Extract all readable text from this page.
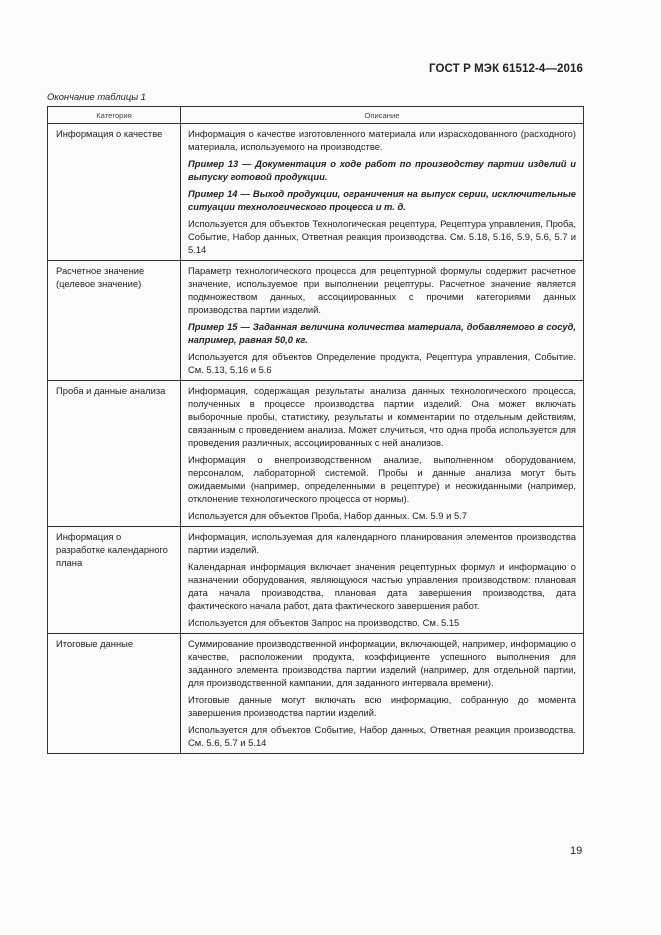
ГОСТ Р МЭК 61512-4—2016
Окончание таблицы 1
Категория	Описание
Информация о качестве	Информация о качестве изготовленного материала или израсходованного (расходного) материала, используемого на производстве.

Пример 13 — Документация о ходе работ по производству партии изделий и выпуску готовой продукции.

Пример 14 — Выход продукции, ограничения на выпуск серии, исключительные ситуации технологического процесса и т. д.

Используется для объектов Технологическая рецептура, Рецептура управления, Проба, Событие, Набор данных, Ответная реакция производства. См. 5.18, 5.16, 5.9, 5.6, 5.7 и 5.14

Расчетное значение (целевое значение)	Параметр технологического процесса для рецептурной формулы содержит расчетное значение, используемое при выполнении рецептуры. Расчетное значение является подмножеством данных, ассоциированных с прочими категориями данных производства партии изделий.

Пример 15 — Заданная величина количества материала, добавляемого в сосуд, например, равная 50,0 кг.

Используется для объектов Определение продукта, Рецептура управления, Событие. См. 5.13, 5.16 и 5.6

Проба и данные анализа	Информация, содержащая результаты анализа данных технологического процесса, полученных в процессе производства партии изделий. Она может включать выборочные пробы, статистику, результаты и комментарии по отдельным действиям, связанным с проведением анализа. Может случиться, что одна проба используется для проведения различных, ассоциированных с ней анализов.

Информация о внепроизводственном анализе, выполненном оборудованием, персоналом, лабораторной системой. Пробы и данные анализа могут быть ожидаемыми (например, определенными в рецептуре) и неожиданными (например, отклонение технологического процесса от нормы).

Используется для объектов Проба, Набор данных. См. 5.9 и 5.7

Информация о разработке календарного плана	Информация, используемая для календарного планирования элементов производства партии изделий.

Календарная информация включает значения рецептурных формул и информацию о назначении оборудования, являющуюся частью управления производством: плановая дата начала производства, плановая дата завершения производства, дата фактического начала работ, дата фактического завершения работ.

Используется для объектов Запрос на производство. См. 5.15

Итоговые данные	Суммирование производственной информации, включающей, например, информацию о качестве, расположении продукта, коэффициенте успешного выполнения для заданного элемента производства партии изделий (например, для отдельной партии, для производственной кампании, для заданного интервала времени).

Итоговые данные могут включать всю информацию, собранную до момента завершения производства партии изделий.

Используется для объектов Событие, Набор данных, Ответная реакция производства. См. 5.6, 5.7 и 5.14

19
